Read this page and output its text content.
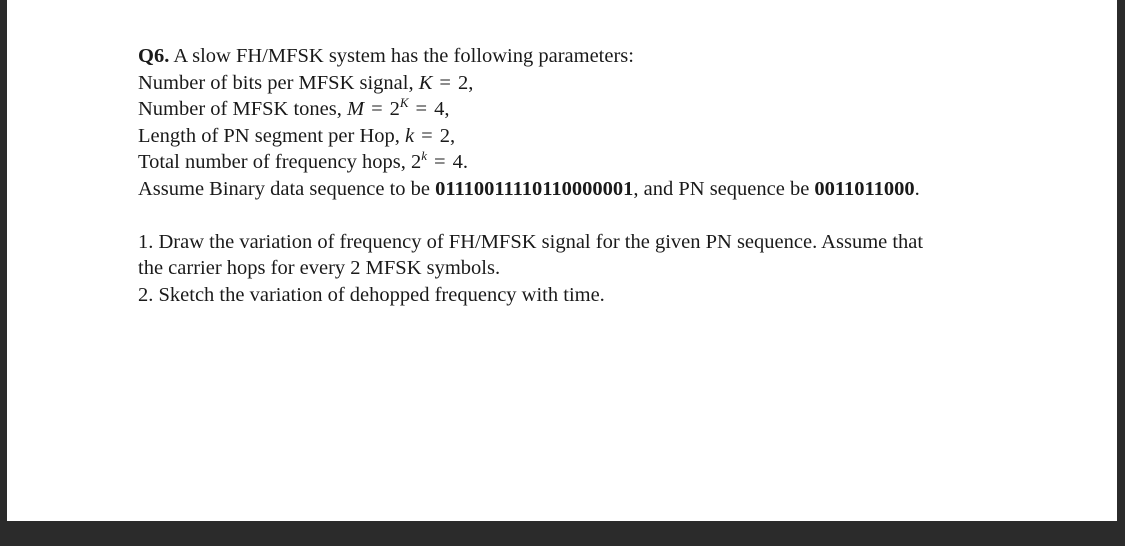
Q6. A slow FH/MFSK system has the following parameters:
Number of bits per MFSK signal, K = 2,
Number of MFSK tones, $M = 2^K = 4$,
Length of PN segment per Hop, k = 2,
Total number of frequency hops, $2^k = 4$.
Assume Binary data sequence to be 01110011110110000001, and PN sequence be 0011011000.
1. Draw the variation of frequency of FH/MFSK signal for the given PN sequence. Assume that
the carrier hops for every 2 MFSK symbols.
2. Sketch the variation of dehopped frequency with time.
